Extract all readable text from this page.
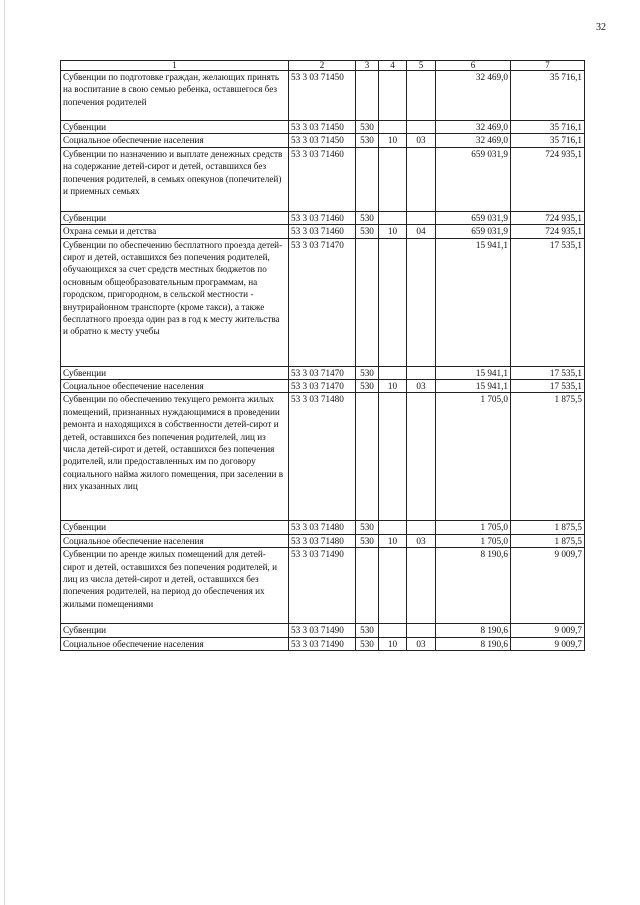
32
1	2	3	4	5	6	7
Субвенции по подготовке граждан, желающих принять на воспитание в свою семью ребенка, оставшегося без попечения родителей	53 3 03 71450				32 469,0	35 716,1
Субвенции	53 3 03 71450	530			32 469,0	35 716,1
Социальное обеспечение населения	53 3 03 71450	530	10	03	32 469,0	35 716,1
Субвенции по назначению и выплате денежных средств на содержание детей-сирот и детей, оставшихся без попечения родителей, в семьях опекунов (попечителей) и приемных семьях	53 3 03 71460				659 031,9	724 935,1
Субвенции	53 3 03 71460	530			659 031,9	724 935,1
Охрана семьи и детства	53 3 03 71460	530	10	04	659 031,9	724 935,1
Субвенции по обеспечению бесплатного проезда детей-сирот и детей, оставшихся без попечения родителей, обучающихся за счет средств местных бюджетов по основным общеобразовательным программам, на городском, пригородном, в сельской местности - внутрирайонном транспорте (кроме такси), а также бесплатного проезда один раз в год к месту жительства и обратно к месту учебы	53 3 03 71470				15 941,1	17 535,1
Субвенции	53 3 03 71470	530			15 941,1	17 535,1
Социальное обеспечение населения	53 3 03 71470	530	10	03	15 941,1	17 535,1
Субвенции по обеспечению текущего ремонта жилых помещений, признанных нуждающимися в проведении ремонта и находящихся в собственности детей-сирот и детей, оставшихся без попечения родителей, лиц из числа детей-сирот и детей, оставшихся без попечения родителей, или предоставленных им по договору социального найма жилого помещения, при заселении в них указанных лиц	53 3 03 71480				1 705,0	1 875,5
Субвенции	53 3 03 71480	530			1 705,0	1 875,5
Социальное обеспечение населения	53 3 03 71480	530	10	03	1 705,0	1 875,5
Субвенции по аренде жилых помещений для детей-сирот и детей, оставшихся без попечения родителей, и лиц из числа детей-сирот и детей, оставшихся без попечения родителей, на период до обеспечения их жилыми помещениями	53 3 03 71490				8 190,6	9 009,7
Субвенции	53 3 03 71490	530			8 190,6	9 009,7
Социальное обеспечение населения	53 3 03 71490	530	10	03	8 190,6	9 009,7
